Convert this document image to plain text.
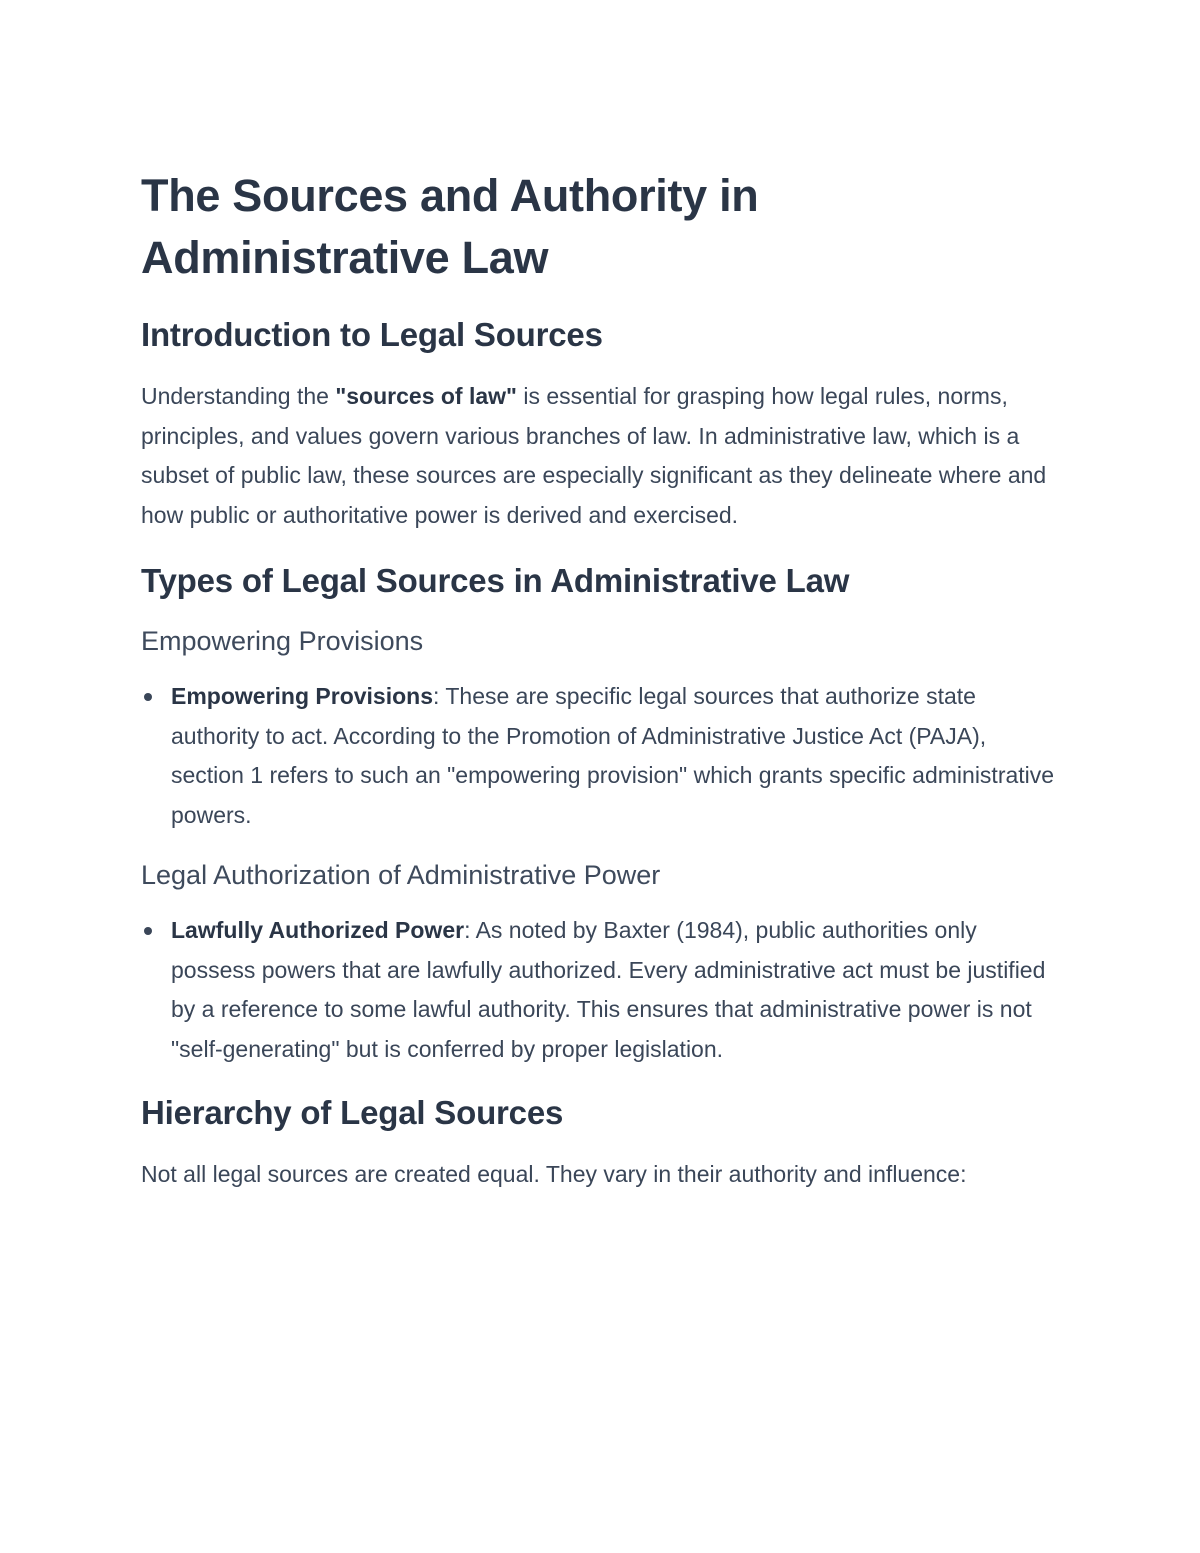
The Sources and Authority in Administrative Law
Introduction to Legal Sources

Understanding the "sources of law" is essential for grasping how legal rules, norms, principles, and values govern various branches of law. In administrative law, which is a subset of public law, these sources are especially significant as they delineate where and how public or authoritative power is derived and exercised.

Types of Legal Sources in Administrative Law
Empowering Provisions
Empowering Provisions: These are specific legal sources that authorize state authority to act. According to the Promotion of Administrative Justice Act (PAJA), section 1 refers to such an "empowering provision" which grants specific administrative powers.
Legal Authorization of Administrative Power
Lawfully Authorized Power: As noted by Baxter (1984), public authorities only possess powers that are lawfully authorized. Every administrative act must be justified by a reference to some lawful authority. This ensures that administrative power is not "self-generating" but is conferred by proper legislation.
Hierarchy of Legal Sources

Not all legal sources are created equal. They vary in their authority and influence:
